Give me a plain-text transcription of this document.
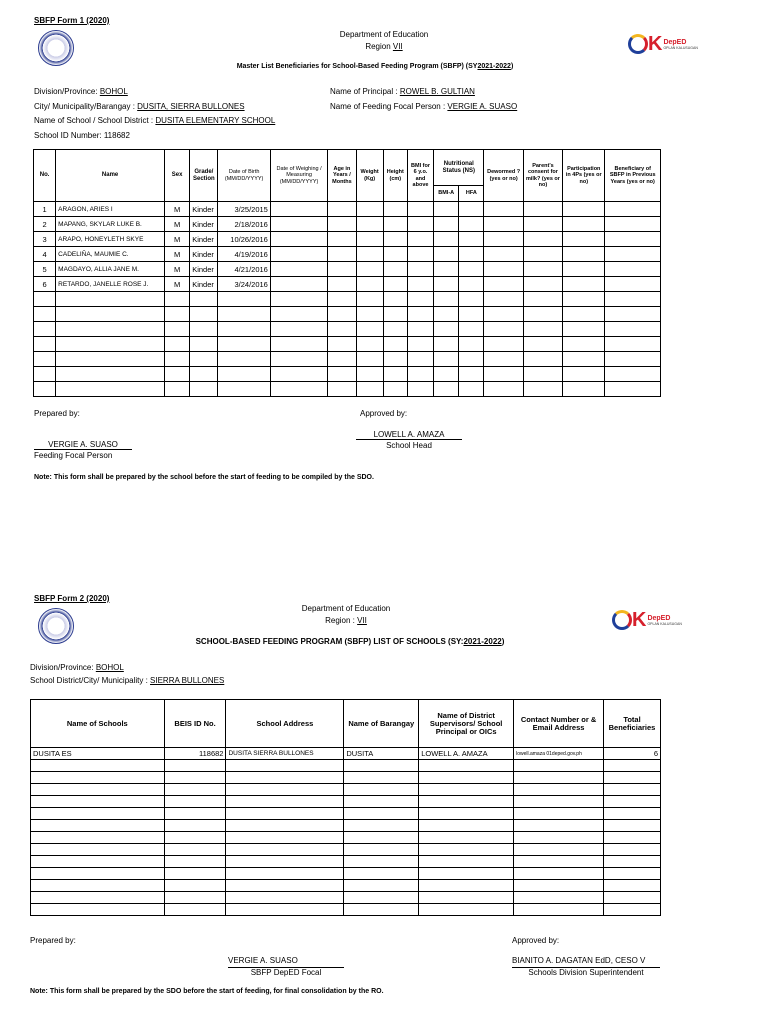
SBFP Form 1 (2020)
Department of Education
Region VII	K DepED
OPLAN KALUSUGAN
Master List Beneficiaries for School-Based Feeding Program (SBFP) (SY2021-2022)
Division/Province: BOHOL
City/ Municipality/Barangay : DUSITA, SIERRA BULLONES
Name of School / School District : DUSITA ELEMENTARY SCHOOL
School ID Number: 118682
Name of Principal : ROWEL B. GULTIAN
Name of Feeding Focal Person : VERGIE A. SUASO
No.	Name	Sex	Grade/ Section	Date of Birth (MM/DD/YYYY)	Date of Weighing / Measuring (MM/DD/YYYY)	Age in Years / Months	Weight (Kg)	Height (cm)	BMI for 6 y.o. and above	Nutritional Status (NS)		Dewormed ? (yes or no)	Parent's consent for milk? (yes or no)	Participation in 4Ps (yes or no)	Beneficiary of SBFP in Previous Years (yes or no)
										BMI-A	HFA				
1	ARAGON, ARIES I	M	Kinder	3/25/2015											
2	MAPANG, SKYLAR LUKE B.	M	Kinder	2/18/2016											
3	ARAPO, HONEYLETH SKYE	M	Kinder	10/26/2016											
4	CADELIÑA, MAUMIE C.	M	Kinder	4/19/2016											
5	MAGDAYO, ALLIA JANE M.	M	Kinder	4/21/2016											
6	RETARDO, JANELLE ROSE J.	M	Kinder	3/24/2016											

Prepared by:	Approved by:
VERGIE A. SUASO
Feeding Focal Person
LOWELL A. AMAZA
School Head
Note: This form shall be prepared by the school before the start of feeding to be compiled by the SDO.
SBFP Form 2 (2020)
Department of Education
Region : VII	K DepED
OPLAN KALUSUGAN
SCHOOL-BASED FEEDING PROGRAM (SBFP) LIST OF SCHOOLS (SY:2021-2022)
Division/Province: BOHOL
School District/City/ Municipality : SIERRA BULLONES
Name of Schools	BEIS ID No.	School Address	Name of Barangay	Name of District Supervisors/ School Principal or OICs	Contact Number or & Email Address	Total Beneficiaries
DUSITA ES	118682	DUSITA SIERRA BULLONES	DUSITA	LOWELL A. AMAZA	lowell.amaza 01deped.gov.ph	6

Prepared by:	Approved by:
VERGIE A. SUASO
SBFP DepED Focal
BIANITO A. DAGATAN EdD, CESO V
Schools Division Superintendent
Note: This form shall be prepared by the SDO before the start of feeding, for final consolidation by the RO.
